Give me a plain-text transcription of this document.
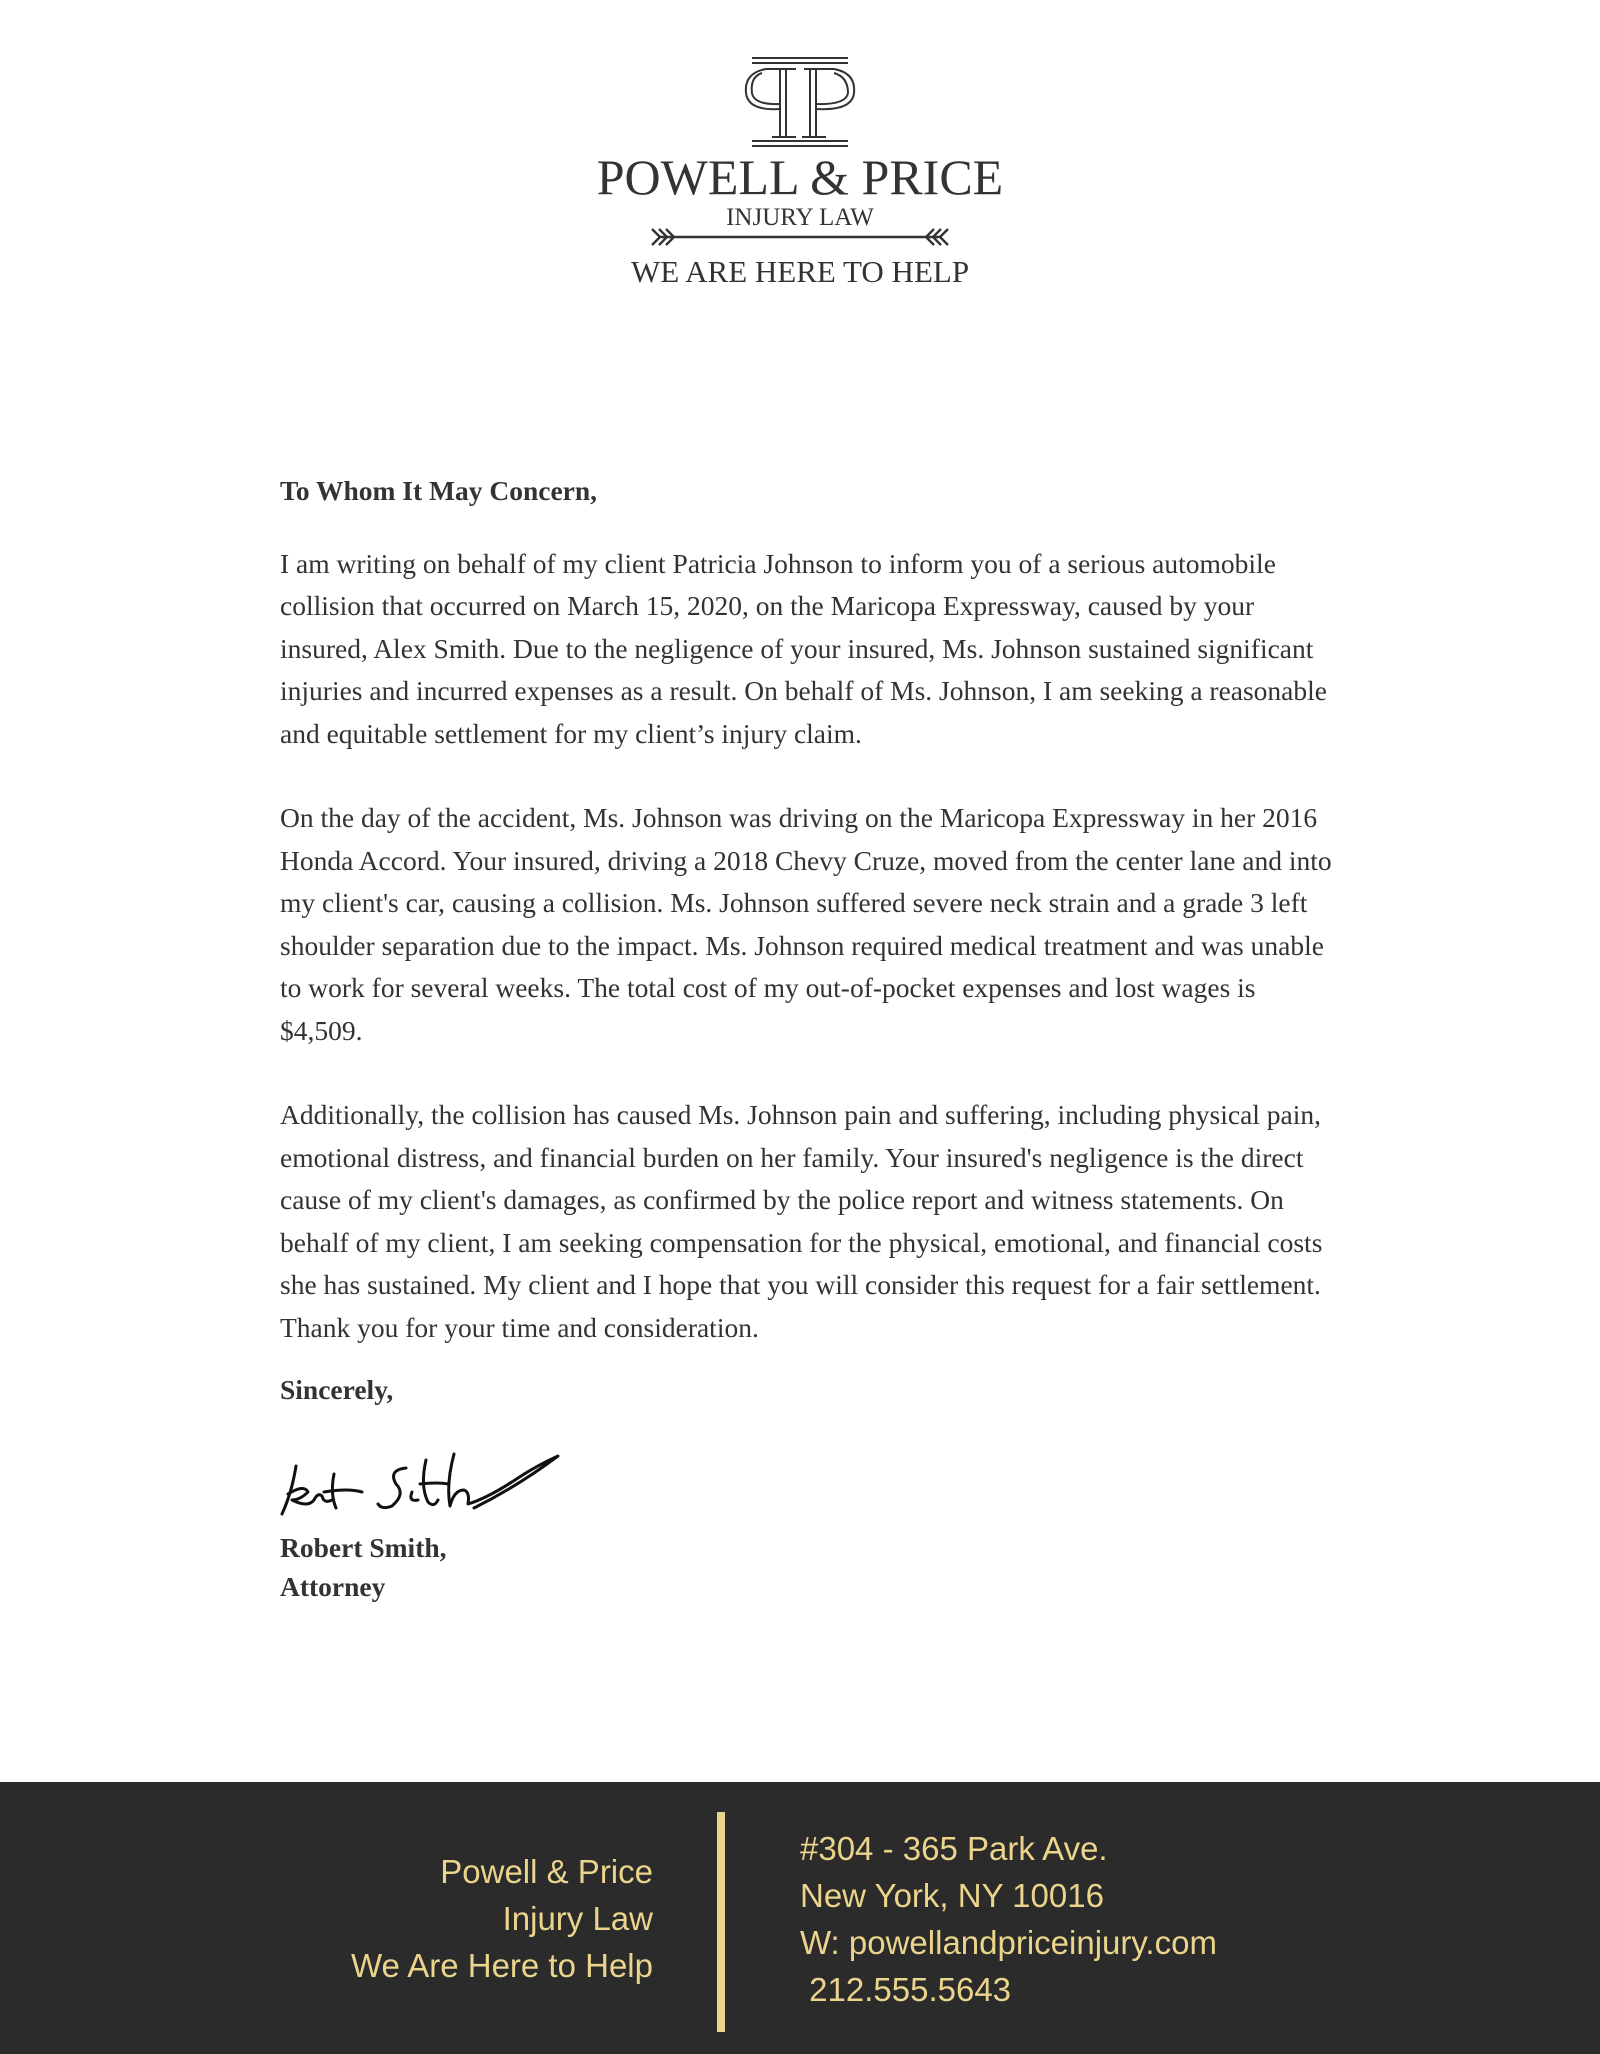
POWELL & PRICE
INJURY LAW
WE ARE HERE TO HELP

To Whom It May Concern,

I am writing on behalf of my client Patricia Johnson to inform you of a serious automobile collision that occurred on March 15, 2020, on the Maricopa Expressway, caused by your insured, Alex Smith. Due to the negligence of your insured, Ms. Johnson sustained significant injuries and incurred expenses as a result. On behalf of Ms. Johnson, I am seeking a reasonable and equitable settlement for my client’s injury claim.

On the day of the accident, Ms. Johnson was driving on the Maricopa Expressway in her 2016 Honda Accord. Your insured, driving a 2018 Chevy Cruze, moved from the center lane and into my client's car, causing a collision. Ms. Johnson suffered severe neck strain and a grade 3 left shoulder separation due to the impact. Ms. Johnson required medical treatment and was unable to work for several weeks. The total cost of my out-of-pocket expenses and lost wages is $4,509.

Additionally, the collision has caused Ms. Johnson pain and suffering, including physical pain, emotional distress, and financial burden on her family. Your insured's negligence is the direct cause of my client's damages, as confirmed by the police report and witness statements. On behalf of my client, I am seeking compensation for the physical, emotional, and financial costs she has sustained. My client and I hope that you will consider this request for a fair settlement. Thank you for your time and consideration.

Sincerely,

Robert Smith,

Attorney

Powell & Price
Injury Law
We Are Here to Help
#304 - 365 Park Ave.
New York, NY 10016
W: powellandpriceinjury.com
212.555.5643
